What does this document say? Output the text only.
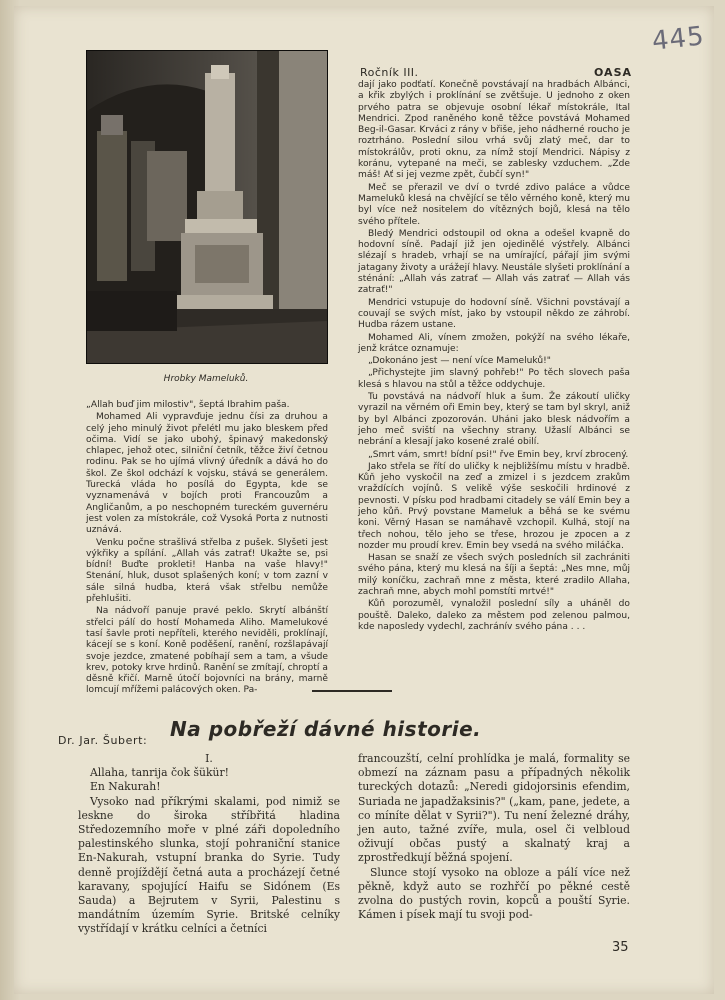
445
Hrobky Mameluků.
Ročník III.	OASA

„Allah buď jim milostiv", šeptá Ibrahim paša.

Mohamed Ali vypravďuje jednu čísi za druhou a celý jeho minulý život přelétl mu jako bleskem před očima. Vidí se jako ubohý, špinavý makedonský chlapec, jehož otec, silniční četník, těžce živí četnou rodinu. Pak se ho ujímá vlivný úředník a dává ho do škol. Ze škol odchází k vojsku, stává se generálem. Turecká vláda ho posílá do Egypta, kde se vyznamenává v bojích proti Francouzům a Angličanům, a po neschopném tureckém guvernéru jest volen za místokrále, což Vysoká Porta z nutnosti uznává.

Venku počne strašlivá střelba z pušek. Slyšeti jest výkřiky a spílání. „Allah vás zatrať! Ukažte se, psi bídní! Buďte prokleti! Hanba na vaše hlavy!" Stenání, hluk, dusot splašených koní; v tom zazní v sále silná hudba, která však střelbu nemůže přehlušiti.

Na nádvoří panuje pravé peklo. Skrytí albánští střelci pálí do hostí Mohameda Aliho. Mamelukové tasí šavle proti nepříteli, kterého neviděli, proklínají, kácejí se s koní. Koně poděšení, ranění, rozšlapávají svoje jezdce, zmatené pobíhají sem a tam, a všude krev, potoky krve hrdinů. Ranění se zmítají, chroptí a děsně křičí. Marně útočí bojovníci na brány, marně lomcují mřížemi palácových oken. Pa-

dají jako podťatí. Konečně povstávají na hradbách Albánci, a křik zbylých i proklínání se zvětšuje. U jednoho z oken prvého patra se objevuje osobní lékař místokrále, Ital Mendrici. Zpod raněného koně těžce povstává Mohamed Beg-il-Gasar. Krváci z rány v břiše, jeho nádherné roucho je roztrháno. Poslední silou vrhá svůj zlatý meč, dar to místokrálův, proti oknu, za nímž stojí Mendrici. Nápisy z koránu, vytepané na meči, se zablesky vzduchem. „Zde máš! Ať si jej vezme zpět, čubčí syn!"

Meč se přerazil ve dví o tvrdé zdivo paláce a vůdce Mameluků klesá na chvějící se tělo věrného koně, který mu byl více než nositelem do vítězných bojů, klesá na tělo svého přítele.

Bledý Mendrici odstoupil od okna a odešel kvapně do hodovní síně. Padají již jen ojedinělé výstřely. Albánci slézají s hradeb, vrhají se na umírající, pářají jim svými jatagany životy a urážejí hlavy. Neustále slyšeti proklínání a sténání: „Allah vás zatrať — Allah vás zatrať — Allah vás zatrať!"

Mendrici vstupuje do hodovní síně. Všichni povstávají a couvají se svých míst, jako by vstoupil někdo ze záhrobí. Hudba rázem ustane.

Mohamed Ali, vínem zmožen, pokýží na svého lékaře, jenž krátce oznamuje:

„Dokonáno jest — není více Mameluků!"

„Přichystejte jim slavný pohřeb!" Po těch slovech paša klesá s hlavou na stůl a těžce oddychuje.

Tu povstává na nádvoří hluk a šum. Že zákoutí uličky vyrazil na věrném oři Emin bey, který se tam byl skryl, aniž by byl Albánci zpozorován. Uháni jako blesk nádvořím a jeho meč sviští na všechny strany. Užaslí Albánci se nebrání a klesají jako kosené zralé obilí.

„Smrt vám, smrt! bídní psi!" řve Emin bey, krví zbrocený.

Jako střela se řítí do uličky k nejbližšímu místu v hradbě. Kůň jeho vyskočil na zeď a zmizel i s jezdcem zrakům vraždících vojínů. S velikě výše seskočili hrdinové z pevnosti. V písku pod hradbami citadely se válí Emin bey a jeho kůň. Prvý povstane Mameluk a běhá se ke svému koni. Věrný Hasan se namáhavě vzchopil. Kulhá, stojí na třech nohou, tělo jeho se třese, hrozou je zpocen a z nozder mu proudí krev. Emin bey vsedá na svého miláčka.

Hasan se snaží ze všech svých posledních sil zachrániti svého pána, který mu klesá na šíji a šeptá: „Nes mne, můj milý koníčku, zachraň mne z města, které zradilo Allaha, zachraň mne, abych mohl pomstíti mrtvé!"

Kůň porozuměl, vynaložil poslední síly a uháněl do pouště. Daleko, daleko za městem pod zelenou palmou, kde naposledy vydechl, zachránív svého pána . . .

Dr. Jar. Šubert: Na pobřeží dávné historie.

I.

Allaha, tanrija čok šükür!

En Nakurah!

Vysoko nad příkrými skalami, pod nimiž se leskne do široka stříbřitá hladina Středozemního moře v plné záři dopoledního palestinského slunka, stojí pohraniční stanice En-Nakurah, vstupní branka do Syrie. Tudy denně projíždějí četná auta a procházejí četné karavany, spojující Haifu se Sidónem (Es Sauda) a Bejrutem v Syrii, Palestinu s mandátním územím Syrie. Britské celníky vystřídají v krátku celníci a četníci

francouzští, celní prohlídka je malá, formality se obmezí na záznam pasu a případných několik tureckých dotazů: „Neredi gidojorsinis efendim, Suriada ne japadžaksinis?" („kam, pane, jedete, a co míníte dělat v Syrii?"). Tu není železné dráhy, jen auto, tažné zvíře, mula, osel či velbloud oživují občas pustý a skalnatý kraj a zprostředkují běžná spojení.

Slunce stojí vysoko na obloze a pálí více než pěkně, když auto se rozhřčí po pěkné cestě zvolna do pustých rovin, kopců a pouští Syrie. Kámen i písek mají tu svoji pod-

35
